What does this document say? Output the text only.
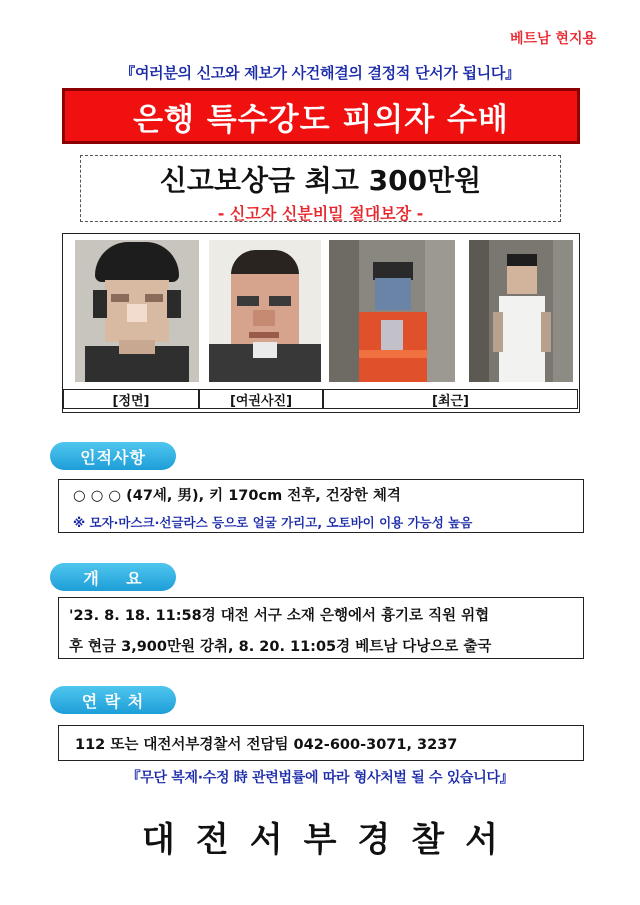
베트남 현지용
『여러분의 신고와 제보가 사건해결의 결정적 단서가 됩니다』
은행 특수강도 피의자 수배
신고보상금 최고 300만원
- 신고자 신분비밀 절대보장 -
[정면]	[여권사진]	[최근]
인적사항
○ ○ ○ (47세, 男), 키 170cm 전후, 건장한 체격
※ 모자·마스크·선글라스 등으로 얼굴 가리고, 오토바이 이용 가능성 높음
개    요
'23. 8. 18. 11:58경 대전 서구 소재 은행에서 흉기로 직원 위협
후 현금 3,900만원 강취, 8. 20. 11:05경 베트남 다낭으로 출국
연 락 처
112 또는 대전서부경찰서 전담팀 042-600-3071, 3237
『무단 복제·수정 時 관련법률에 따라 형사처벌 될 수 있습니다』
대전서부경찰서
